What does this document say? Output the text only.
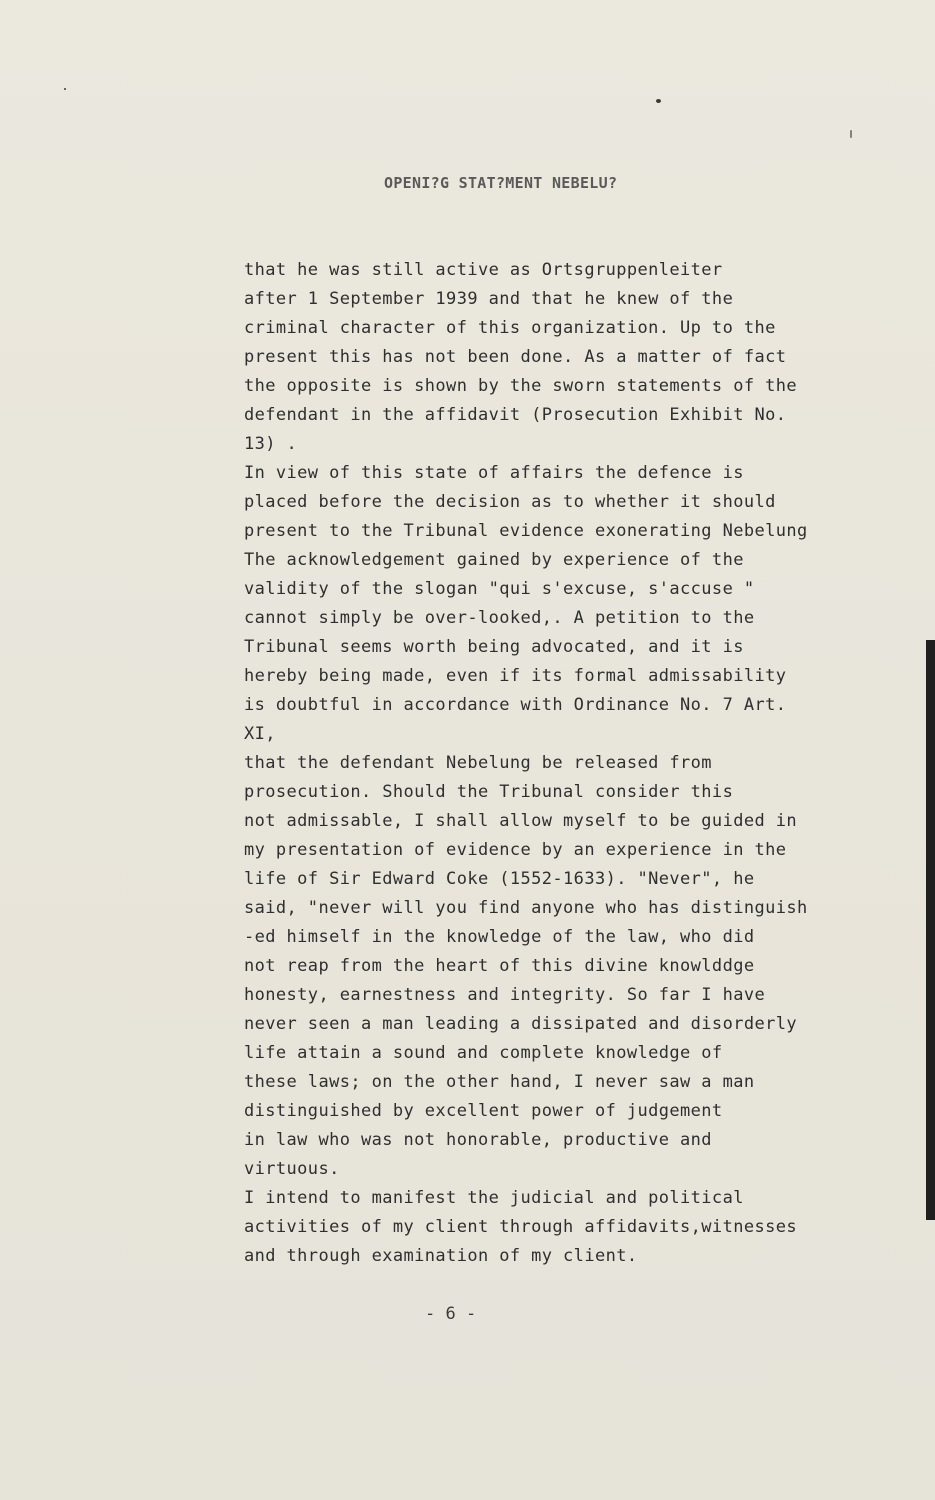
OPENI?G STAT?MENT NEBELU?
that he was still active as Ortsgruppenleiter
after 1 September 1939 and that he knew of the
criminal character of this organization. Up to the
present this has not been done. As a matter of fact
the opposite is shown by the sworn statements of the
defendant in the affidavit (Prosecution Exhibit No.
13) .
In view of this state of affairs the defence is
placed before the decision as to whether it should
present to the Tribunal evidence exonerating Nebelung
The acknowledgement gained by experience of the
validity of the slogan "qui s'excuse, s'accuse "
cannot simply be over-looked,. A petition to the
Tribunal seems worth being advocated, and it is
hereby being made, even if its formal admissability
is doubtful in accordance with Ordinance No. 7 Art.
XI,
that the defendant Nebelung be released from
prosecution. Should the Tribunal consider this
not admissable, I shall allow myself to be guided in
my presentation of evidence by an experience in the
life of Sir Edward Coke (1552-1633). "Never", he
said, "never will you find anyone who has distinguish
-ed himself in the knowledge of the law, who did
not reap from the heart of this divine knowlddge
honesty, earnestness and integrity. So far I have
never seen a man leading a dissipated and disorderly
life attain a sound and complete knowledge of
these laws; on the other hand, I never saw a man
distinguished by excellent power of judgement
in law who was not honorable, productive and
virtuous.
I intend to manifest the judicial and political
activities of my client through affidavits,witnesses
and through examination of my client.
- 6 -
